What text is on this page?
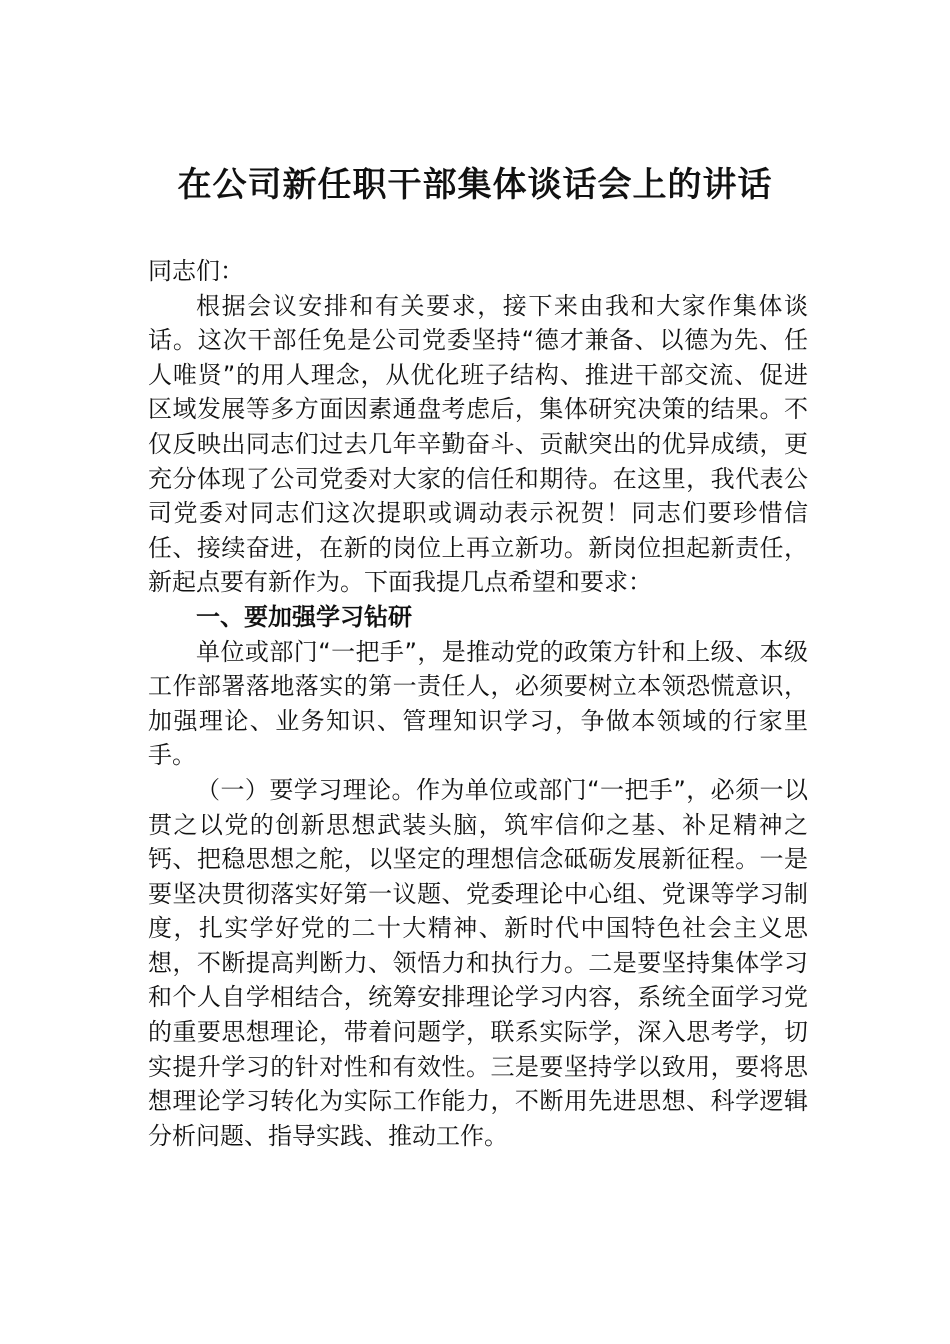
在公司新任职干部集体谈话会上的讲话

同志们：

根据会议安排和有关要求，接下来由我和大家作集体谈话。这次干部任免是公司党委坚持“德才兼备、以德为先、任人唯贤”的用人理念，从优化班子结构、推进干部交流、促进区域发展等多方面因素通盘考虑后，集体研究决策的结果。不仅反映出同志们过去几年辛勤奋斗、贡献突出的优异成绩，更充分体现了公司党委对大家的信任和期待。在这里，我代表公司党委对同志们这次提职或调动表示祝贺！同志们要珍惜信任、接续奋进，在新的岗位上再立新功。新岗位担起新责任，新起点要有新作为。下面我提几点希望和要求：

一、要加强学习钻研

单位或部门“一把手”，是推动党的政策方针和上级、本级工作部署落地落实的第一责任人，必须要树立本领恐慌意识，加强理论、业务知识、管理知识学习，争做本领域的行家里手。

（一）要学习理论。作为单位或部门“一把手”，必须一以贯之以党的创新思想武装头脑，筑牢信仰之基、补足精神之钙、把稳思想之舵，以坚定的理想信念砥砺发展新征程。一是要坚决贯彻落实好第一议题、党委理论中心组、党课等学习制度，扎实学好党的二十大精神、新时代中国特色社会主义思想，不断提高判断力、领悟力和执行力。二是要坚持集体学习和个人自学相结合，统筹安排理论学习内容，系统全面学习党的重要思想理论，带着问题学，联系实际学，深入思考学，切实提升学习的针对性和有效性。三是要坚持学以致用，要将思想理论学习转化为实际工作能力，不断用先进思想、科学逻辑分析问题、指导实践、推动工作。
